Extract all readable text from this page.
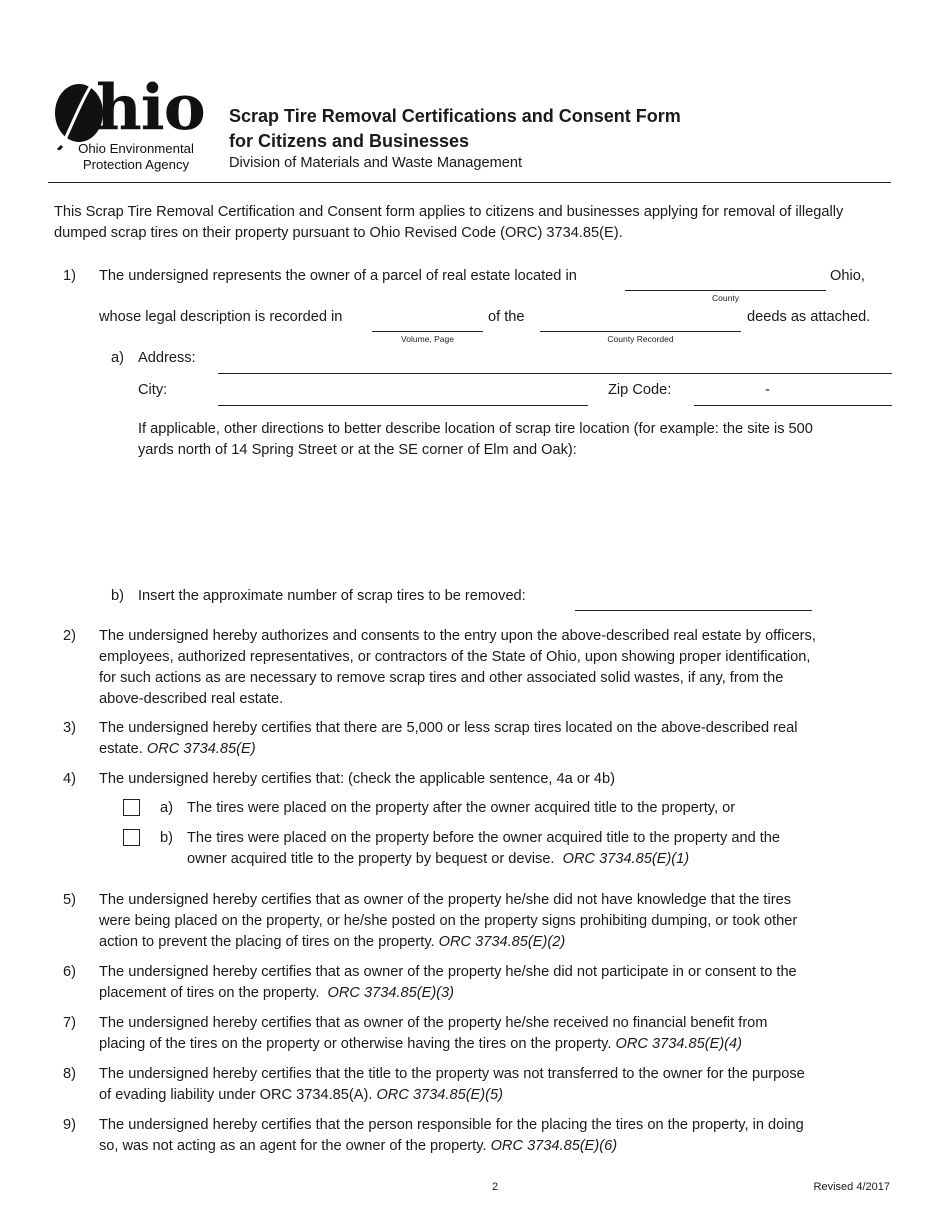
hio
Ohio Environmental
Protection Agency
Scrap Tire Removal Certifications and Consent Form
for Citizens and Businesses
Division of Materials and Waste Management
This Scrap Tire Removal Certification and Consent form applies to citizens and businesses applying for removal of illegally dumped scrap tires on their property pursuant to Ohio Revised Code (ORC) 3734.85(E).
1) The undersigned represents the owner of a parcel of real estate located in	Ohio,
County
whose legal description is recorded in
Volume, Page
of the
County Recorded
deeds as attached.
a) Address:
City:	Zip Code:	-
If applicable, other directions to better describe location of scrap tire location (for example: the site is 500
yards north of 14 Spring Street or at the SE corner of Elm and Oak):
b) Insert the approximate number of scrap tires to be removed:
2) The undersigned hereby authorizes and consents to the entry upon the above-described real estate by officers,
employees, authorized representatives, or contractors of the State of Ohio, upon showing proper identification,
for such actions as are necessary to remove scrap tires and other associated solid wastes, if any, from the
above-described real estate.
3) The undersigned hereby certifies that there are 5,000 or less scrap tires located on the above-described real
estate. ORC 3734.85(E)
4) The undersigned hereby certifies that: (check the applicable sentence, 4a or 4b)
a) The tires were placed on the property after the owner acquired title to the property, or
b) The tires were placed on the property before the owner acquired title to the property and the
owner acquired title to the property by bequest or devise. ORC 3734.85(E)(1)
5) The undersigned hereby certifies that as owner of the property he/she did not have knowledge that the tires
were being placed on the property, or he/she posted on the property signs prohibiting dumping, or took other
action to prevent the placing of tires on the property. ORC 3734.85(E)(2)
6) The undersigned hereby certifies that as owner of the property he/she did not participate in or consent to the
placement of tires on the property. ORC 3734.85(E)(3)
7) The undersigned hereby certifies that as owner of the property he/she received no financial benefit from
placing of the tires on the property or otherwise having the tires on the property. ORC 3734.85(E)(4)
8) The undersigned hereby certifies that the title to the property was not transferred to the owner for the purpose
of evading liability under ORC 3734.85(A). ORC 3734.85(E)(5)
9) The undersigned hereby certifies that the person responsible for the placing the tires on the property, in doing
so, was not acting as an agent for the owner of the property. ORC 3734.85(E)(6)
2	Revised 4/2017
